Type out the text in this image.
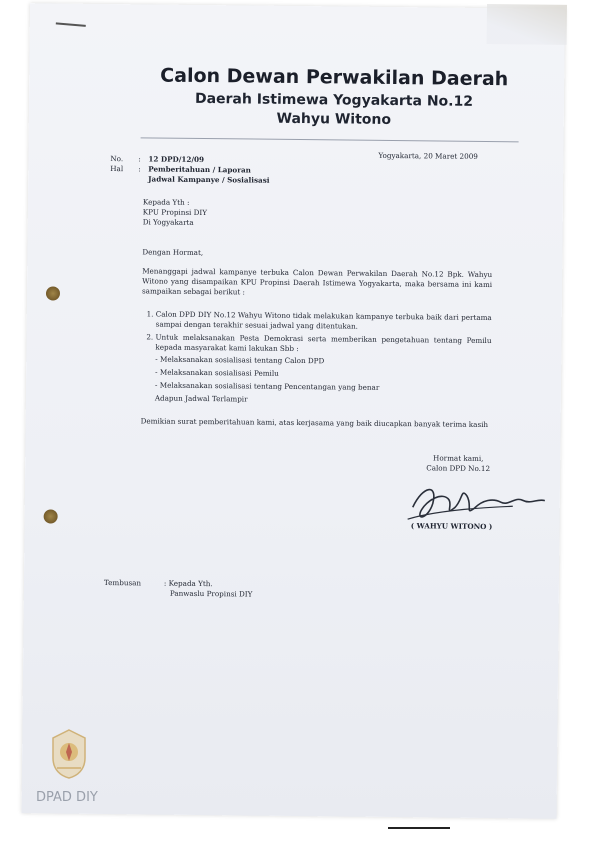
Calon Dewan Perwakilan Daerah
Daerah Istimewa Yogyakarta No.12
Wahyu Witono
No.	:	12 DPD/12/09
Hal	:	Pemberitahuan / Laporan
Jadwal Kampanye / Sosialisasi
Yogyakarta, 20 Maret 2009
Kepada Yth :
KPU Propinsi DIY
Di Yogyakarta
Dengan Hormat,
Menanggapi jadwal kampanye terbuka Calon Dewan Perwakilan Daerah No.12 Bpk. Wahyu Witono yang disampaikan KPU Propinsi Daerah Istimewa Yogyakarta, maka bersama ini kami sampaikan sebagai berikut :
1. Calon DPD DIY No.12 Wahyu Witono tidak melakukan kampanye terbuka baik dari pertama sampai dengan terakhir sesuai jadwal yang ditentukan.
2. Untuk melaksanakan Pesta Demokrasi serta memberikan pengetahuan tentang Pemilu kepada masyarakat kami lakukan Sbb :
- Melaksanakan sosialisasi tentang Calon DPD
- Melaksanakan sosialisasi Pemilu
- Melaksanakan sosialisasi tentang Pencentangan yang benar
Adapun Jadwal Terlampir
Demikian surat pemberitahuan kami, atas kerjasama yang baik diucapkan banyak terima kasih
Hormat kami,
Calon DPD No.12
( WAHYU WITONO )
Tembusan	: Kepada Yth.
Panwaslu Propinsi DIY
DPAD DIY
